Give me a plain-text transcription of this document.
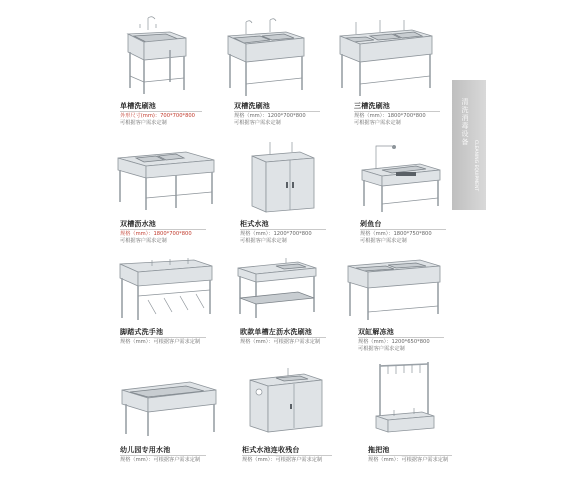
清洗消毒设备
CLEANING EQUIPMENT
单槽洗刷池
外形尺寸(mm)：700*700*800
可根据客户需求定制
双槽洗刷池
规格（mm）：1200*700*800
可根据客户需求定制
三槽洗刷池
规格（mm）：1800*700*800
可根据客户需求定制
双槽沥水池
规格（mm）：1800*700*800
可根据客户需求定制
柜式水池
规格（mm）：1200*700*800
可根据客户需求定制
剁鱼台
规格（mm）：1800*750*800
可根据客户需求定制
脚踏式洗手池
规格（mm）：可根据客户需求定制
欧款单槽左沥水洗刷池
规格（mm）：可根据客户需求定制
双缸解冻池
规格（mm）：1200*650*800
可根据客户需求定制
幼儿园专用水池
规格（mm）：可根据客户需求定制
柜式水池连收残台
规格（mm）：可根据客户需求定制
拖把池
规格（mm）：可根据客户需求定制
